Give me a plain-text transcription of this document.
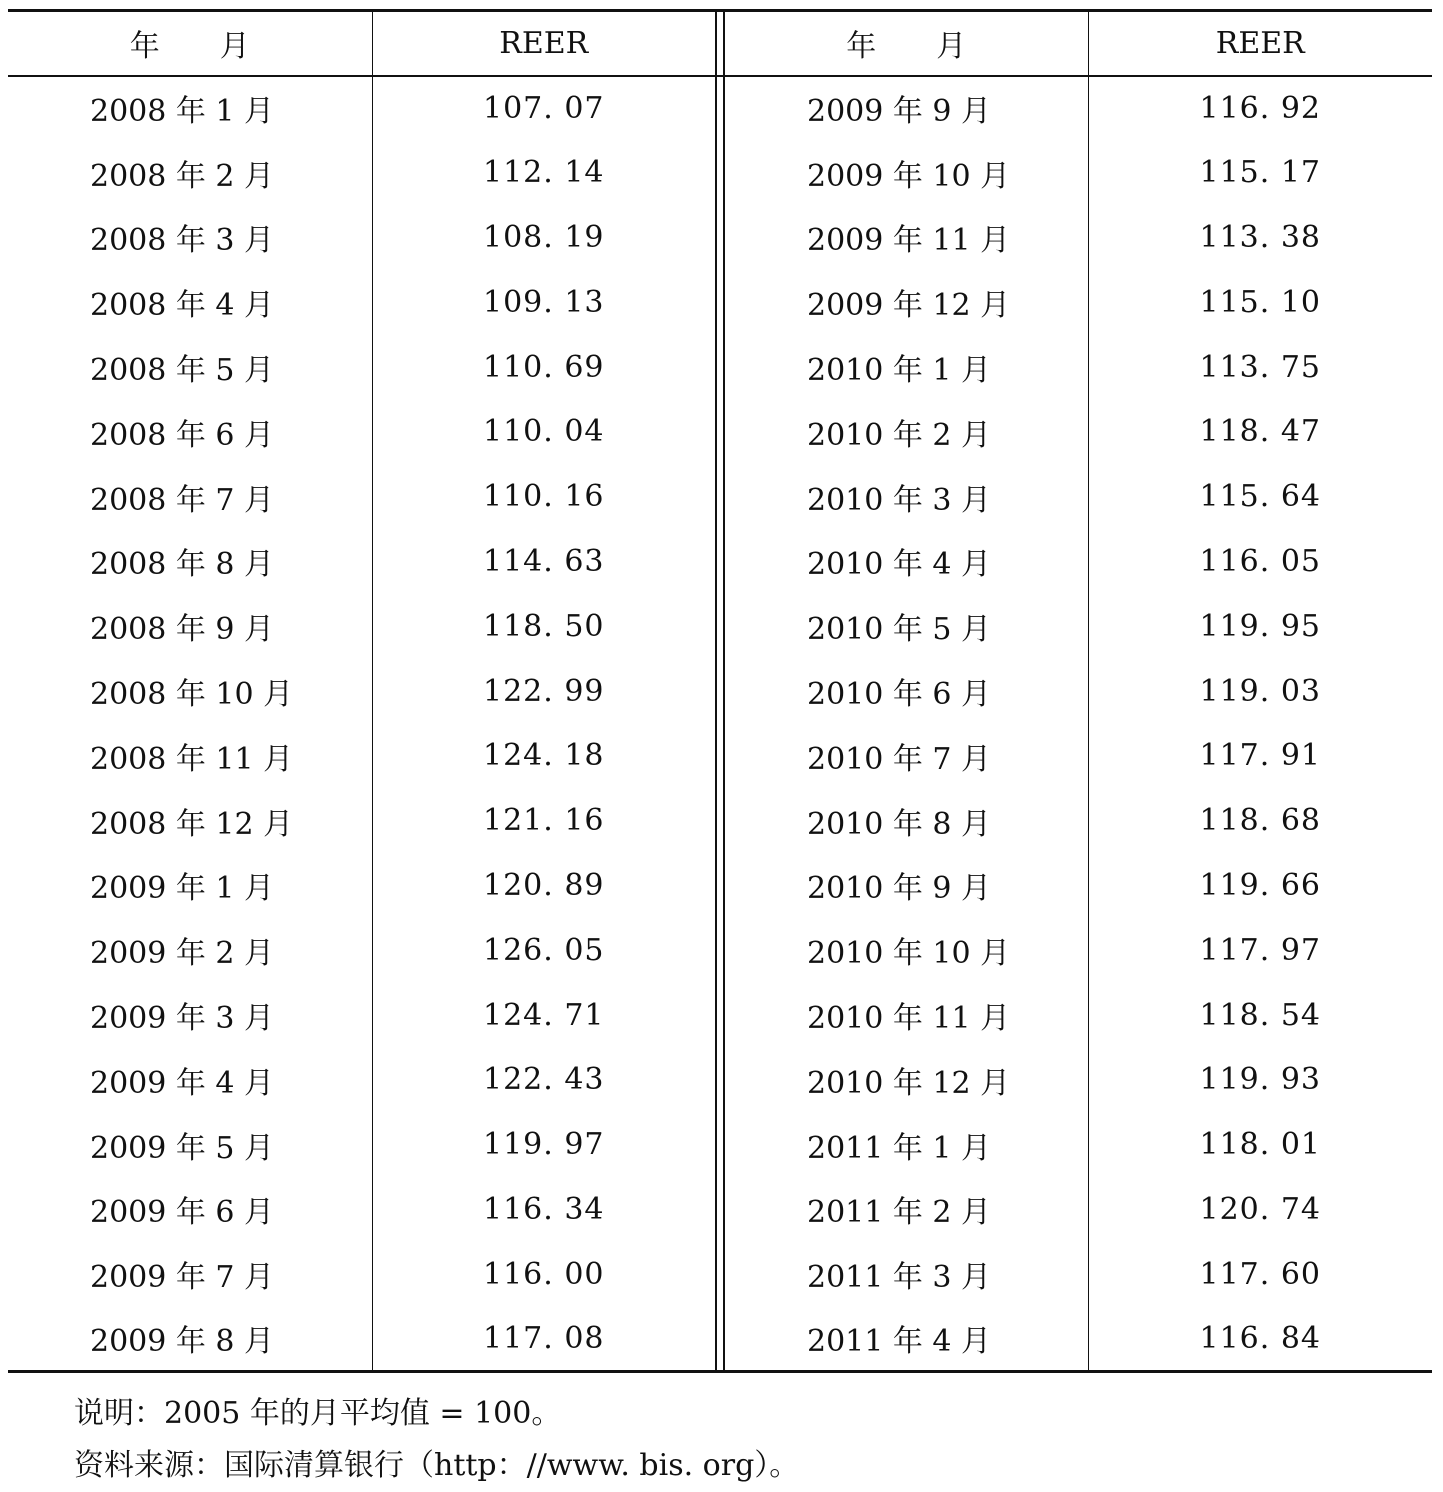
年　　月	REER		年　　月	REER
2008 年 1 月	107. 07		2009 年 9 月	116. 92
2008 年 2 月	112. 14		2009 年 10 月	115. 17
2008 年 3 月	108. 19		2009 年 11 月	113. 38
2008 年 4 月	109. 13		2009 年 12 月	115. 10
2008 年 5 月	110. 69		2010 年 1 月	113. 75
2008 年 6 月	110. 04		2010 年 2 月	118. 47
2008 年 7 月	110. 16		2010 年 3 月	115. 64
2008 年 8 月	114. 63		2010 年 4 月	116. 05
2008 年 9 月	118. 50		2010 年 5 月	119. 95
2008 年 10 月	122. 99		2010 年 6 月	119. 03
2008 年 11 月	124. 18		2010 年 7 月	117. 91
2008 年 12 月	121. 16		2010 年 8 月	118. 68
2009 年 1 月	120. 89		2010 年 9 月	119. 66
2009 年 2 月	126. 05		2010 年 10 月	117. 97
2009 年 3 月	124. 71		2010 年 11 月	118. 54
2009 年 4 月	122. 43		2010 年 12 月	119. 93
2009 年 5 月	119. 97		2011 年 1 月	118. 01
2009 年 6 月	116. 34		2011 年 2 月	120. 74
2009 年 7 月	116. 00		2011 年 3 月	117. 60
2009 年 8 月	117. 08		2011 年 4 月	116. 84
说明：2005 年的月平均值 = 100。
资料来源：国际清算银行（http：//www. bis. org）。
